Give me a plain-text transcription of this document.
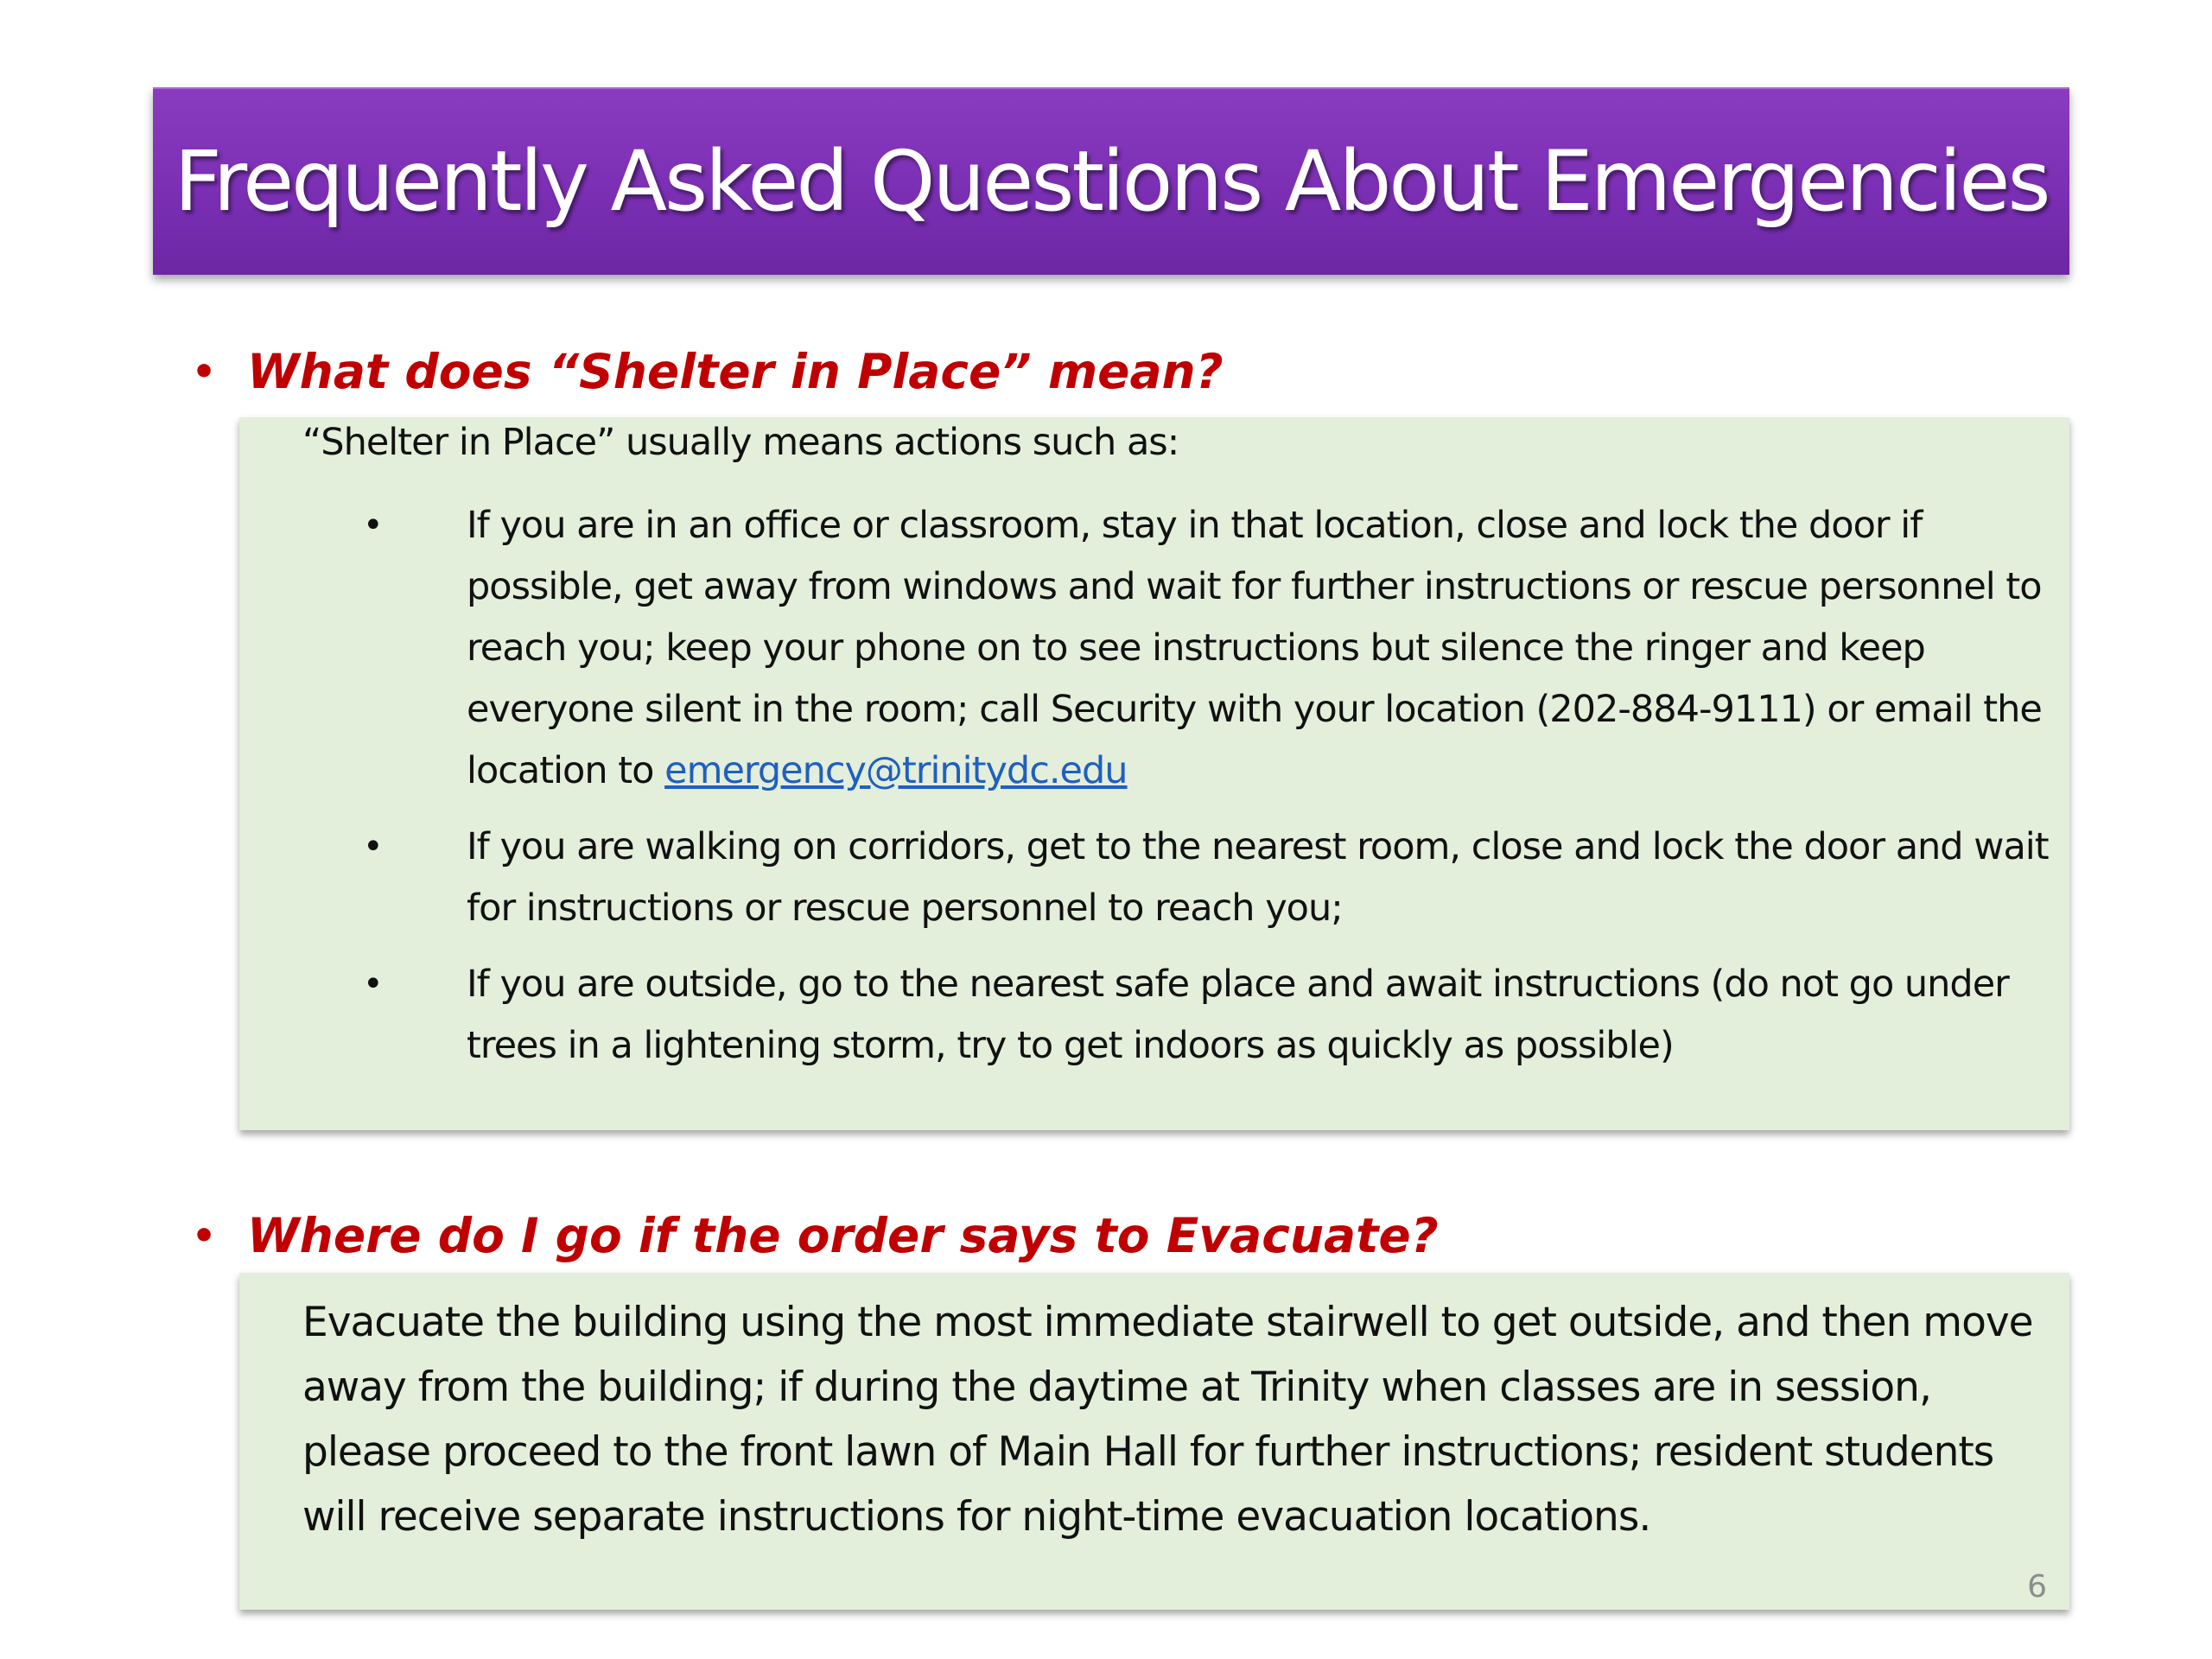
Frequently Asked Questions About Emergencies
• What does “Shelter in Place” mean?
“Shelter in Place” usually means actions such as:
• If you are in an office or classroom, stay in that location, close and lock the door if possible, get away from windows and wait for further instructions or rescue personnel to reach you; keep your phone on to see instructions but silence the ringer and keep everyone silent in the room; call Security with your location (202-884-9111) or email the location to emergency@trinitydc.edu
• If you are walking on corridors, get to the nearest room, close and lock the door and wait for instructions or rescue personnel to reach you;
• If you are outside, go to the nearest safe place and await instructions (do not go under trees in a lightening storm, try to get indoors as quickly as possible)
• Where do I go if the order says to Evacuate?
Evacuate the building using the most immediate stairwell to get outside, and then move away from the building; if during the daytime at Trinity when classes are in session, please proceed to the front lawn of Main Hall for further instructions; resident students will receive separate instructions for night-time evacuation locations.
6
